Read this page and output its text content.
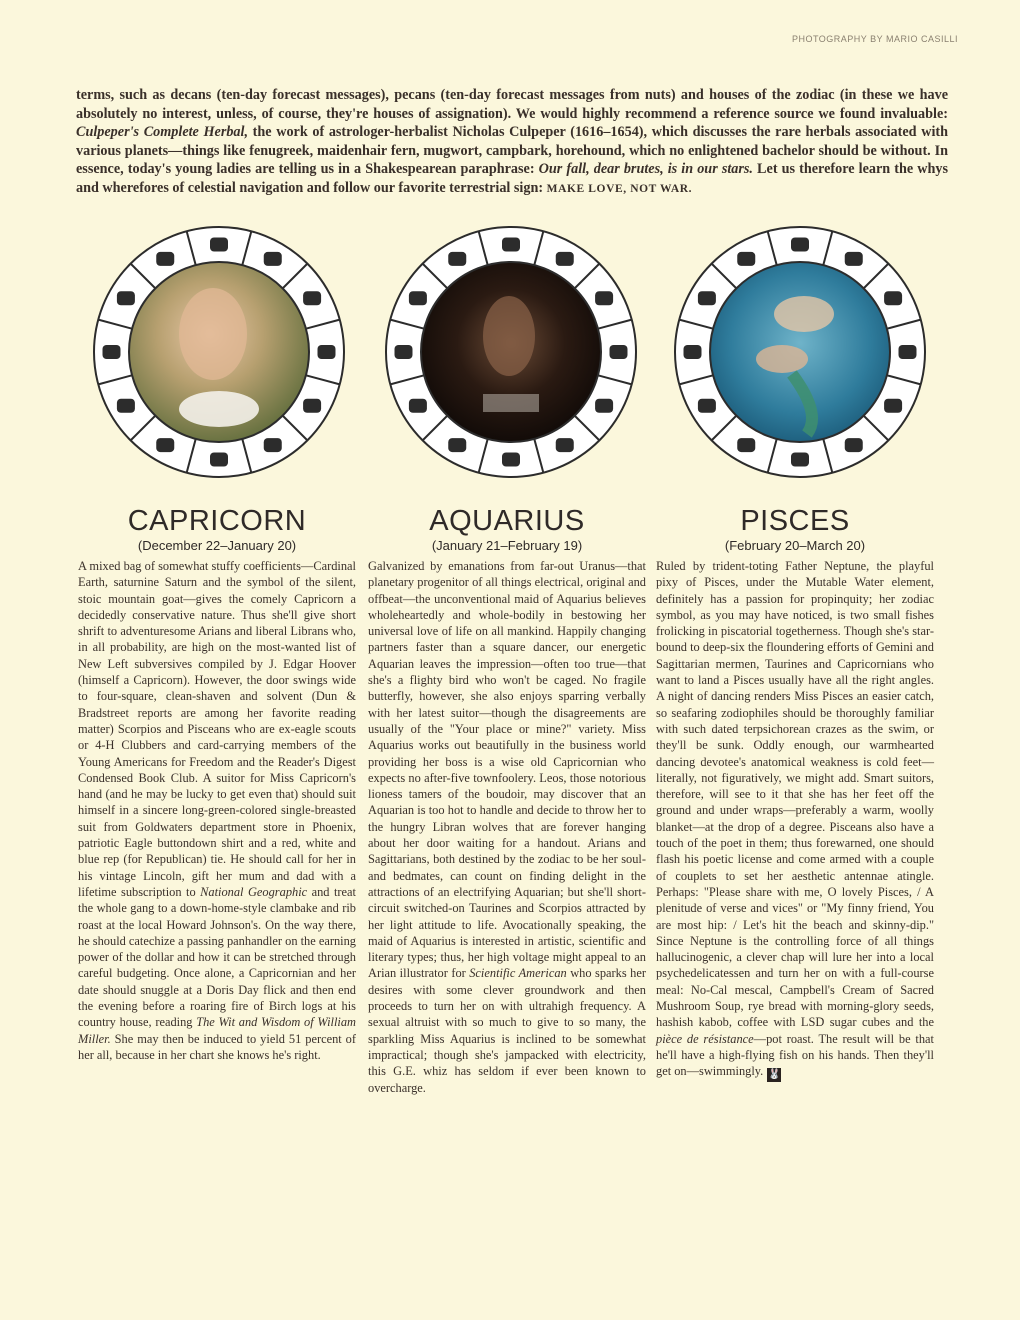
PHOTOGRAPHY BY MARIO CASILLI
terms, such as decans (ten-day forecast messages), pecans (ten-day forecast messages from nuts) and houses of the zodiac (in these we have absolutely no interest, unless, of course, they're houses of assignation). We would highly recommend a reference source we found invaluable: Culpeper's Complete Herbal, the work of astrologer-herbalist Nicholas Culpeper (1616–1654), which discusses the rare herbals associated with various planets—things like fenugreek, maidenhair fern, mugwort, campbark, horehound, which no enlightened bachelor should be without. In essence, today's young ladies are telling us in a Shakespearean paraphrase: Our fall, dear brutes, is in our stars. Let us therefore learn the whys and wherefores of celestial navigation and follow our favorite terrestrial sign: MAKE LOVE, NOT WAR.
CAPRICORN
(December 22–January 20)
AQUARIUS
(January 21–February 19)
PISCES
(February 20–March 20)
A mixed bag of somewhat stuffy coefficients—Cardinal Earth, saturnine Saturn and the symbol of the silent, stoic mountain goat—gives the comely Capricorn a decidedly conservative nature. Thus she'll give short shrift to adventuresome Arians and liberal Librans who, in all probability, are high on the most-wanted list of New Left subversives compiled by J. Edgar Hoover (himself a Capricorn). However, the door swings wide to four-square, clean-shaven and solvent (Dun & Bradstreet reports are among her favorite reading matter) Scorpios and Pisceans who are ex-eagle scouts or 4-H Clubbers and card-carrying members of the Young Americans for Freedom and the Reader's Digest Condensed Book Club. A suitor for Miss Capricorn's hand (and he may be lucky to get even that) should suit himself in a sincere long-green-colored single-breasted suit from Goldwaters department store in Phoenix, patriotic Eagle buttondown shirt and a red, white and blue rep (for Republican) tie. He should call for her in his vintage Lincoln, gift her mum and dad with a lifetime subscription to National Geographic and treat the whole gang to a down-home-style clambake and rib roast at the local Howard Johnson's. On the way there, he should catechize a passing panhandler on the earning power of the dollar and how it can be stretched through careful budgeting. Once alone, a Capricornian and her date should snuggle at a Doris Day flick and then end the evening before a roaring fire of Birch logs at his country house, reading The Wit and Wisdom of William Miller. She may then be induced to yield 51 percent of her all, because in her chart she knows he's right.
Galvanized by emanations from far-out Uranus—that planetary progenitor of all things electrical, original and offbeat—the unconventional maid of Aquarius believes wholeheartedly and whole-bodily in bestowing her universal love of life on all mankind. Happily changing partners faster than a square dancer, our energetic Aquarian leaves the impression—often too true—that she's a flighty bird who won't be caged. No fragile butterfly, however, she also enjoys sparring verbally with her latest suitor—though the disagreements are usually of the "Your place or mine?" variety. Miss Aquarius works out beautifully in the business world providing her boss is a wise old Capricornian who expects no after-five townfoolery. Leos, those notorious lioness tamers of the boudoir, may discover that an Aquarian is too hot to handle and decide to throw her to the hungry Libran wolves that are forever hanging about her door waiting for a handout. Arians and Sagittarians, both destined by the zodiac to be her soul- and bedmates, can count on finding delight in the attractions of an electrifying Aquarian; but she'll short-circuit switched-on Taurines and Scorpios attracted by her light attitude to life. Avocationally speaking, the maid of Aquarius is interested in artistic, scientific and literary types; thus, her high voltage might appeal to an Arian illustrator for Scientific American who sparks her desires with some clever groundwork and then proceeds to turn her on with ultrahigh frequency. A sexual altruist with so much to give to so many, the sparkling Miss Aquarius is inclined to be somewhat impractical; though she's jampacked with electricity, this G.E. whiz has seldom if ever been known to overcharge.
Ruled by trident-toting Father Neptune, the playful pixy of Pisces, under the Mutable Water element, definitely has a passion for propinquity; her zodiac symbol, as you may have noticed, is two small fishes frolicking in piscatorial togetherness. Though she's star-bound to deep-six the floundering efforts of Gemini and Sagittarian mermen, Taurines and Capricornians who want to land a Pisces usually have all the right angles. A night of dancing renders Miss Pisces an easier catch, so seafaring zodiophiles should be thoroughly familiar with such dated terpsichorean crazes as the swim, or they'll be sunk. Oddly enough, our warmhearted dancing devotee's anatomical weakness is cold feet—literally, not figuratively, we might add. Smart suitors, therefore, will see to it that she has her feet off the ground and under wraps—preferably a warm, woolly blanket—at the drop of a degree. Pisceans also have a touch of the poet in them; thus forewarned, one should flash his poetic license and come armed with a couple of couplets to set her aesthetic antennae atingle. Perhaps: "Please share with me, O lovely Pisces, / A plenitude of verse and vices" or "My finny friend, You are most hip: / Let's hit the beach and skinny-dip." Since Neptune is the controlling force of all things hallucinogenic, a clever chap will lure her into a local psychedelicatessen and turn her on with a full-course meal: No-Cal mescal, Campbell's Cream of Sacred Mushroom Soup, rye bread with morning-glory seeds, hashish kabob, coffee with LSD sugar cubes and the pièce de résistance—pot roast. The result will be that he'll have a high-flying fish on his hands. Then they'll get on—swimmingly. 🐰
